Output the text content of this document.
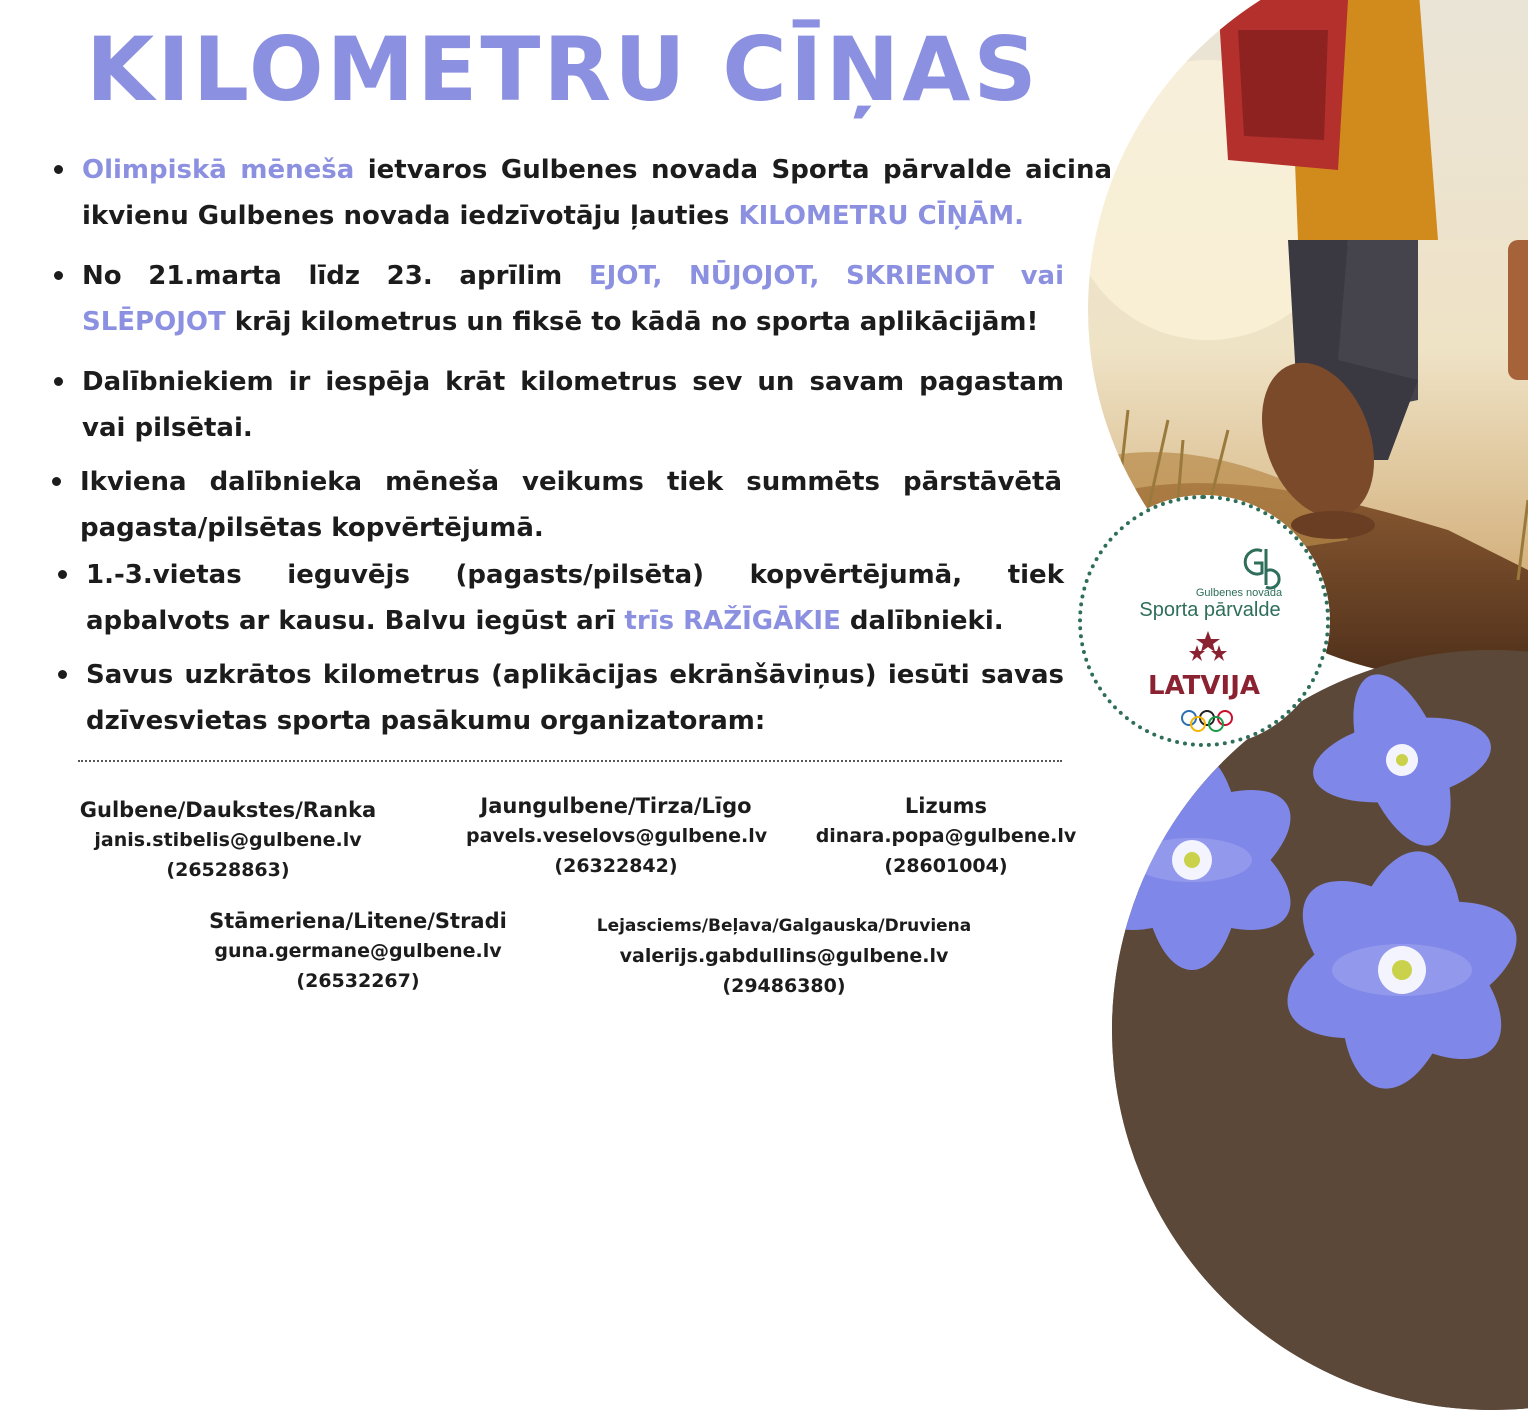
KILOMETRU CĪŅAS
Olimpiskā mēneša ietvaros Gulbenes novada Sporta pārvalde aicina ikvienu Gulbenes novada iedzīvotāju ļauties KILOMETRU CĪŅĀM.
No 21.marta līdz 23. aprīlim EJOT, NŪJOJOT, SKRIENOT vai SLĒPOJOT krāj kilometrus un fiksē to kādā no sporta aplikācijām!
Dalībniekiem ir iespēja krāt kilometrus sev un savam pagastam vai pilsētai.
Ikviena dalībnieka mēneša veikums tiek summēts pārstāvētā pagasta/pilsētas kopvērtējumā.
1.-3.vietas ieguvējs (pagasts/pilsēta) kopvērtējumā, tiek apbalvots ar kausu. Balvu iegūst arī trīs RAŽĪGĀKIE dalībnieki.
Savus uzkrātos kilometrus (aplikācijas ekrānšāviņus) iesūti savas dzīvesvietas sporta pasākumu organizatoram:
Gulbene/Daukstes/Ranka
janis.stibelis@gulbene.lv
(26528863)
Jaungulbene/Tirza/Līgo
pavels.veselovs@gulbene.lv
(26322842)
Lizums
dinara.popa@gulbene.lv
(28601004)
Stāmeriena/Litene/Stradi
guna.germane@gulbene.lv
(26532267)
Lejasciems/Beļava/Galgauska/Druviena
valerijs.gabdullins@gulbene.lv
(29486380)
Gulbenes novada
Sporta pārvalde
LATVIJA
